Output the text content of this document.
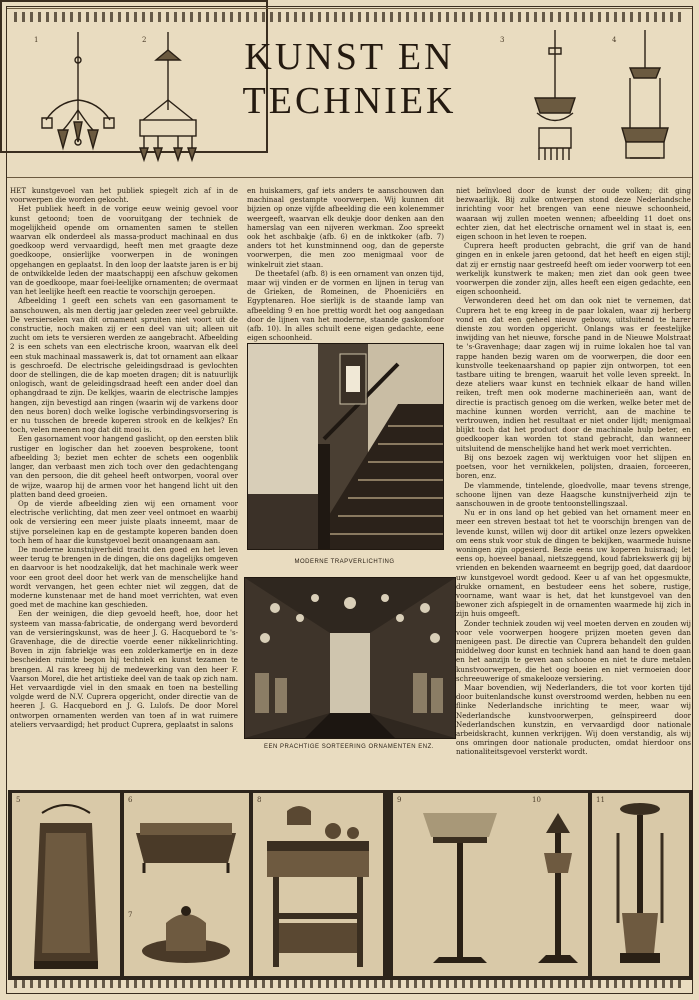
KUNST EN
TECHNIEK
3	4

HET kunstgevoel van het publiek spiegelt zich af in de voorwerpen die worden gekocht.

Het publiek heeft in de vorige eeuw weinig gevoel voor kunst getoond; toen de vooruitgang der techniek de mogelijkheid opende om ornamenten samen te stellen waarvan elk onderdeel als massa-product machinaal en dus goedkoop werd vervaardigd, heeft men met graagte deze goedkoope, onsierlijke voorwerpen in de woningen opgehangen en geplaatst. In den loop der laatste jaren is er bij de ontwikkelde leden der maatschappij een afschuw gekomen van de goedkoope, maar foei-leelijke ornamenten; de overmaat van het leelijke heeft een reactie te voorschijn geroepen.

Afbeelding 1 geeft een schets van een gasornament te aanschouwen, als men dertig jaar geleden zeer veel gebruikte. De versierselen van dit ornament spruiten niet voort uit de constructie, noch maken zij er een deel van uit; alleen uit zucht om iets te versieren werden ze aangebracht. Afbeelding 2 is een schets van een electrische kroon, waarvan elk deel een stuk machinaal massawerk is, dat tot ornament aan elkaar is geschroefd. De electrische geleidingsdraad is gevlochten door de stellingen, die de kap moeten dragen; dit is natuurlijk onlogisch, want de geleidingsdraad heeft een ander doel dan ophangdraad te zijn. De kelkjes, waarin de electrische lampjes hangen, zijn bevestigd aan ringen (waarin wij de varkens door den neus boren) doch welke logische verbindingsvorsering is er nu tusschen de breede koperen strook en de kelkjes? En toch, velen meenen nog dat dit mooi is.

Een gasornament voor hangend gaslicht, op den eersten blik rustiger en logischer dan het zooeven besprokene, toont afbeelding 3; beziet men echter de schets een oogenblik langer, dan verbaast men zich toch over den gedachtengang van den persoon, die dit geheel heeft ontworpen, vooral over de wijze, waarop hij de armen voor het hangend licht uit den platten band deed groeien.

Op de vierde afbeelding zien wij een ornament voor electrische verlichting, dat men zeer veel ontmoet en waarbij ook de versiering een meer juiste plaats inneemt, maar de stijve porseleinen kap en de gestampte koperen banden doen toch hem of haar die kunstgevoel bezit onaangenaam aan.

De moderne kunstnijverheid tracht den goed en het leven weer terug te brengen in de dingen, die ons dagelijks omgeven en daarvoor is het noodzakelijk, dat het machinale werk weer voor een groot deel door het werk van de menschelijke hand wordt vervangen, het geen echter niet wil zeggen, dat de moderne kunstenaar met de hand moet verrichten, wat even goed met de machine kan geschieden.

Een der weinigen, die diep gevoeld heeft, hoe, door het systeem van massa-fabricatie, de ondergang werd bevorderd van de versieringskunst, was de heer J. G. Hacquebord te 's-Gravenhage, die de directie voerde eener nikkelinrichting. Boven in zijn fabriekje was een zolderkamertje en in deze bescheiden ruimte begon hij techniek en kunst tezamen te brengen. Al ras kreeg hij de medewerking van den heer F. Vaarson Morel, die het artistieke deel van de taak op zich nam. Het vervaardigde viel in den smaak en toen na bestelling volgde werd de N.V. Cuprera opgericht, onder directie van de heeren J. G. Hacquebord en J. G. Lulofs. De door Morel ontworpen ornamenten werden van toen af in wat ruimere ateliers vervaardigd; het product Cuprera, geplaatst in salons

en huiskamers, gaf iets anders te aanschouwen dan machinaal gestampte voorwerpen. Wij kunnen dit bijzien op onze vijfde afbeelding die een kolenemmer weergeeft, waarvan elk deukje door denken aan den hamerslag van een nijveren werkman. Zoo spreekt ook het aschbakje (afb. 6) en de inktkoker (afb. 7) anders tot het kunstminnend oog, dan de geperste voorwerpen, die men zoo menigmaal voor de winkelruit ziet staan.

De theetafel (afb. 8) is een ornament van onzen tijd, maar wij vinden er de vormen en lijnen in terug van de Grieken, de Romeinen, de Phoeniciërs en Egyptenaren. Hoe sierlijk is de staande lamp van afbeelding 9 en hoe prettig wordt het oog aangedaan door de lijnen van het moderne, staande gaskomfoor (afb. 10). In alles schuilt eene eigen gedachte, eene eigen schoonheid.

MODERNE TRAPVERLICHTING
EEN PRACHTIGE SORTEERING ORNAMENTEN ENZ.

niet beïnvloed door de kunst der oude volken; dit ging bezwaarlijk. Bij zulke ontwerpen stond deze Nederlandsche inrichting voor het brengen van eene nieuwe schoonheid, waaraan wij zullen moeten wennen; afbeelding 11 doet ons echter zien, dat het electrische ornament wel in staat is, een eigen schoon in het leven te roepen.

Cuprera heeft producten gebracht, die grif van de hand gingen en in enkele jaren getoond, dat het heeft en eigen stijl; dat zij er ernstig naar gestreefd heeft om ieder voorwerp tot een werkelijk kunstwerk te maken; men ziet dan ook geen twee voorwerpen die zonder zijn, alles heeft een eigen gedachte, een eigen schoonheid.

Verwonderen deed het om dan ook niet te vernemen, dat Cuprera het te eng kreeg in de paar lokalen, waar zij herberg vond en dat een geheel nieuw gebouw, uitsluitend te harer dienste zou worden opgericht. Onlangs was er feestelijke inwijding van het nieuwe, forsche pand in de Nieuwe Molstraat te 's-Gravenhage; daar zagen wij in ruime lokalen hoe tal van rappe handen bezig waren om de voorwerpen, die door een kunstvolle teekenaarshand op papier zijn ontworpen, tot een tastbare uiting te brengen, waaruit het volle leven spreekt. In deze ateliers waar kunst en techniek elkaar de hand willen reiken, treft men ook moderne machinerieën aan, want de directie is practisch genoeg om die werken, welke beter met de machine kunnen worden verricht, aan de machine te vertrouwen, indien het resultaat er niet onder lijdt; menigmaal blijkt toch dat het product door de machinale hulp beter, en goedkooper kan worden tot stand gebracht, dan wanneer uitsluitend de menschelijke hand het werk moet verrichten.

Bij ons bezoek zagen wij werktuigen voor het slijpen en poetsen, voor het vernikkelen, polijsten, draaien, forceeren, boren, enz.

De vlammende, tintelende, gloedvolle, maar tevens strenge, schoone lijnen van deze Haagsche kunstnijverheid zijn te aanschouwen in de groote tentoonstellingszaal.

Nu er in ons land op het gebied van het ornament meer en meer een streven bestaat tot het te voorschijn brengen van de levende kunst, willen wij door dit artikel onze lezers opwekken om eens stuk voor stuk de dingen te bekijken, waarmede huisne woningen zijn opgesierd. Bezie eens uw koperen huisraad; let eens op, hoeveel banaal, nietszeggend, koud fabriekswerk gij bij vrienden en bekenden waarneemt en begrijp goed, dat daardoor uw kunstgevoel wordt gedood. Keer u af van het opgesmukte, drukke ornament, en bestudeer eens het sobere, rustige, voorname, want waar is het, dat het kunstgevoel van den bewoner zich afspiegelt in de ornamenten waarmede hij zich in zijn huis omgeeft.

Zonder techniek zouden wij veel moeten derven en zouden wij voor vele voorwerpen hoogere prijzen moeten geven dan menigeen past. De directie van Cuprera behandelt den gulden middelweg door kunst en techniek hand aan hand te doen gaan en het aanzijn te geven aan schoone en niet te dure metalen kunstvoorwerpen, die het oog boeien en niet vermoeien door schreeuwerige of smakelooze versiering.

Maar bovendien, wij Nederlanders, die tot voor korten tijd door buitenlandsche kunst overstroomd werden, hebben nu een flinke Nederlandsche inrichting te meer, waar wij Nederlandsche kunstvoorwerpen, geïnspireerd door Nederlandschen kunstzin, en vervaardigd door nationale arbeidskracht, kunnen verkrijgen. Wij doen verstandig, als wij ons omringen door nationale producten, omdat hierdoor ons nationaliteitsgevoel versterkt wordt.

5	6
7
8	9	10	11
